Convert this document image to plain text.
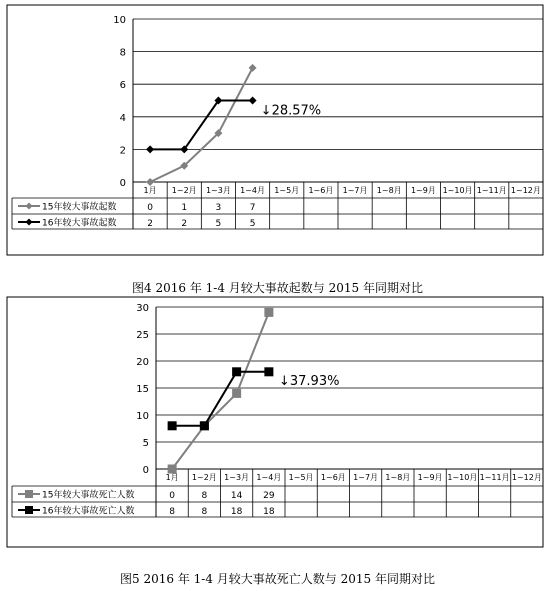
0
2
4
6
8
10
1月 1~2月 1~3月 1~4月 1~5月 1~6月 1~7月 1~8月 1~9月 1~10月 1~11月 1~12月
15年较大事故起数	0	1	3	7
16年较大事故起数	2	2	5	5
↓ 28.57%
0
5
10
15
20
25
30
1月 1~2月 1~3月 1~4月 1~5月 1~6月 1~7月 1~8月 1~9月 1~10月 1~11月 1~12月
15年较大事故死亡人数	0	8	14 29
16年较大事故死亡人数	8	8	18 18
↓ 37.93%
图4 2016 年 1-4 月较大事故起数与 2015 年同期对比
图5 2016 年 1-4 月较大事故死亡人数与 2015 年同期对比
